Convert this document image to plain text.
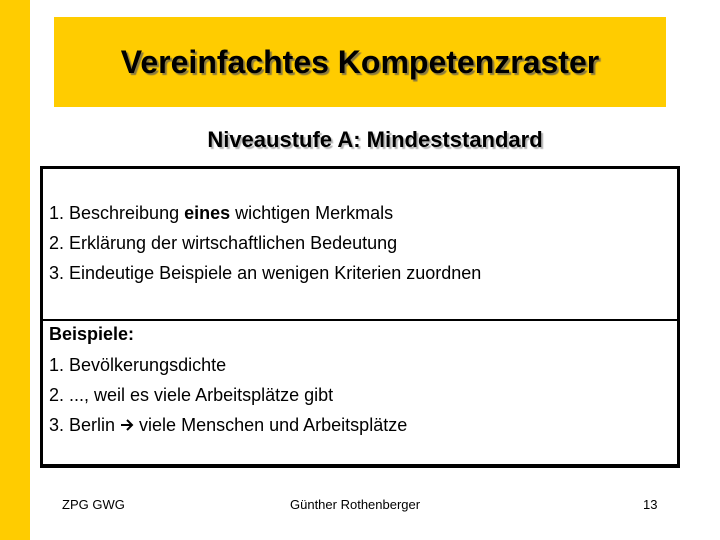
Vereinfachtes Kompetenzraster
Niveaustufe A: Mindeststandard
1. Beschreibung eines wichtigen Merkmals
2. Erklärung der wirtschaftlichen Bedeutung
3. Eindeutige Beispiele an wenigen Kriterien zuordnen
Beispiele:
1. Bevölkerungsdichte
2. ..., weil es viele Arbeitsplätze gibt
3. Berlin  viele Menschen und Arbeitsplätze
ZPG GWG	Günther Rothenberger	13
